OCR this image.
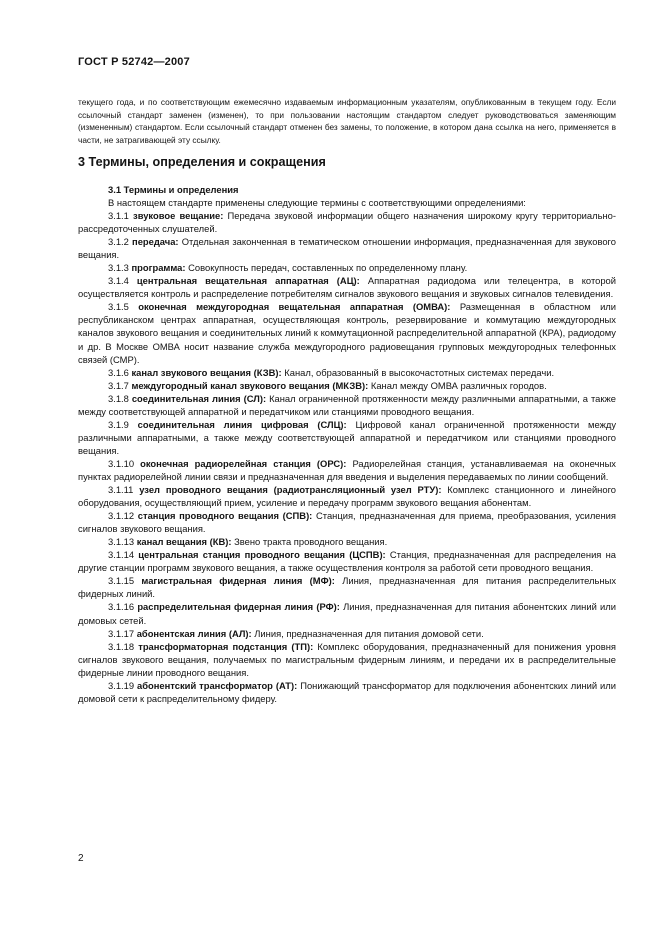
ГОСТ Р 52742—2007
текущего года, и по соответствующим ежемесячно издаваемым информационным указателям, опубликованным в текущем году. Если ссылочный стандарт заменен (изменен), то при пользовании настоящим стандартом следует руководствоваться заменяющим (измененным) стандартом. Если ссылочный стандарт отменен без замены, то положение, в котором дана ссылка на него, применяется в части, не затрагивающей эту ссылку.
3 Термины, определения и сокращения
3.1 Термины и определения

В настоящем стандарте применены следующие термины с соответствующими определениями:

3.1.1 звуковое вещание: Передача звуковой информации общего назначения широкому кругу территориально-рассредоточенных слушателей.

3.1.2 передача: Отдельная законченная в тематическом отношении информация, предназначенная для звукового вещания.

3.1.3 программа: Совокупность передач, составленных по определенному плану.

3.1.4 центральная вещательная аппаратная (АЦ): Аппаратная радиодома или телецентра, в которой осуществляется контроль и распределение потребителям сигналов звукового вещания и звуковых сигналов телевидения.

3.1.5 оконечная междугородная вещательная аппаратная (ОМВА): Размещенная в областном или республиканском центрах аппаратная, осуществляющая контроль, резервирование и коммутацию междугородных каналов звукового вещания и соединительных линий к коммутационной распределительной аппаратной (КРА), радиодому и др. В Москве ОМВА носит название служба междугородного радиовещания групповых междугородных телефонных связей (СМР).

3.1.6 канал звукового вещания (КЗВ): Канал, образованный в высокочастотных системах передачи.

3.1.7 междугородный канал звукового вещания (МКЗВ): Канал между ОМВА различных городов.

3.1.8 соединительная линия (СЛ): Канал ограниченной протяженности между различными аппаратными, а также между соответствующей аппаратной и передатчиком или станциями проводного вещания.

3.1.9 соединительная линия цифровая (СЛЦ): Цифровой канал ограниченной протяженности между различными аппаратными, а также между соответствующей аппаратной и передатчиком или станциями проводного вещания.

3.1.10 оконечная радиорелейная станция (ОРС): Радиорелейная станция, устанавливаемая на оконечных пунктах радиорелейной линии связи и предназначенная для введения и выделения передаваемых по линии сообщений.

3.1.11 узел проводного вещания (радиотрансляционный узел РТУ): Комплекс станционного и линейного оборудования, осуществляющий прием, усиление и передачу программ звукового вещания абонентам.

3.1.12 станция проводного вещания (СПВ): Станция, предназначенная для приема, преобразования, усиления сигналов звукового вещания.

3.1.13 канал вещания (КВ): Звено тракта проводного вещания.

3.1.14 центральная станция проводного вещания (ЦСПВ): Станция, предназначенная для распределения на другие станции программ звукового вещания, а также осуществления контроля за работой сети проводного вещания.

3.1.15 магистральная фидерная линия (МФ): Линия, предназначенная для питания распределительных фидерных линий.

3.1.16 распределительная фидерная линия (РФ): Линия, предназначенная для питания абонентских линий или домовых сетей.

3.1.17 абонентская линия (АЛ): Линия, предназначенная для питания домовой сети.

3.1.18 трансформаторная подстанция (ТП): Комплекс оборудования, предназначенный для понижения уровня сигналов звукового вещания, получаемых по магистральным фидерным линиям, и передачи их в распределительные фидерные линии проводного вещания.

3.1.19 абонентский трансформатор (АТ): Понижающий трансформатор для подключения абонентских линий или домовой сети к распределительному фидеру.

2
